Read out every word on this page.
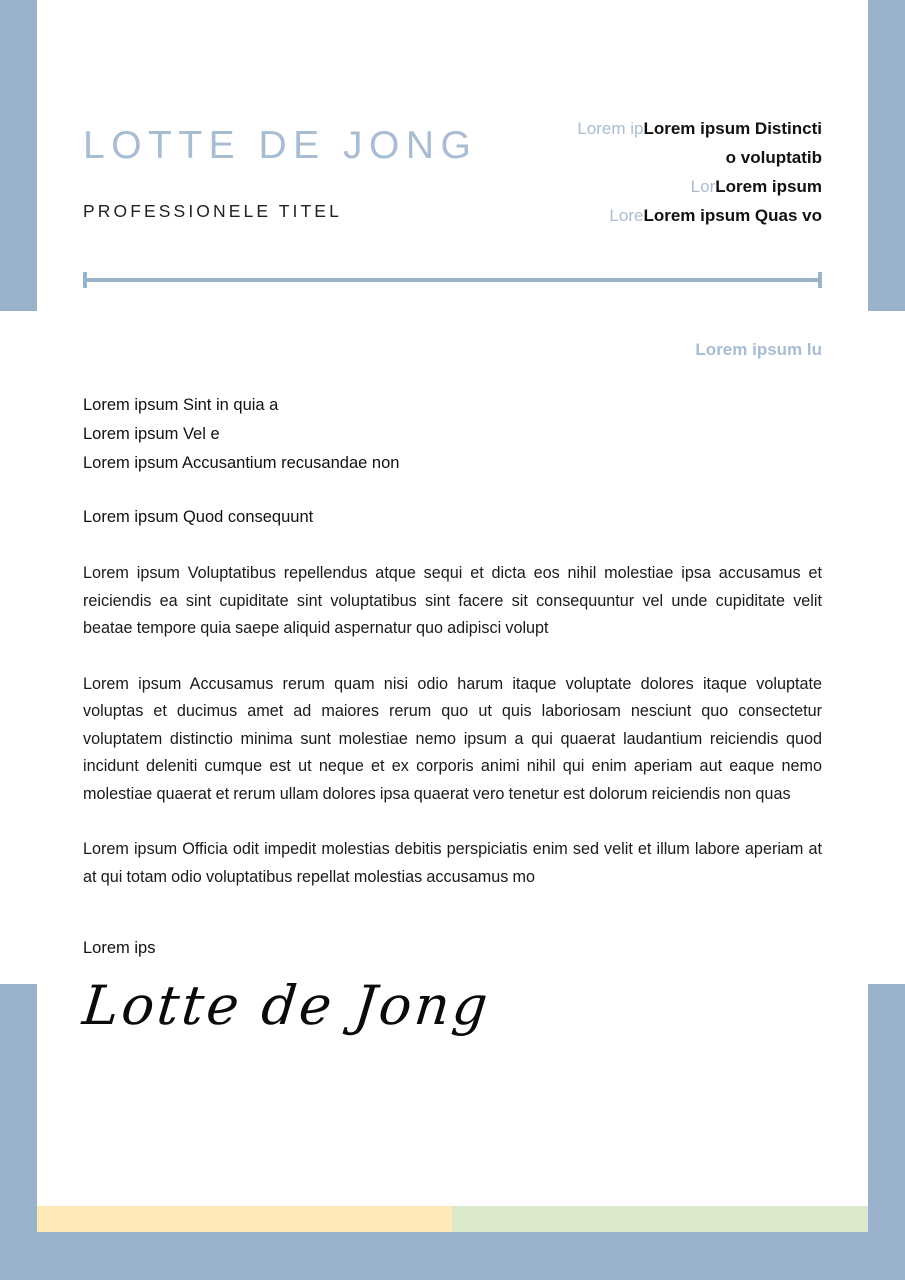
LOTTE DE JONG
PROFESSIONELE TITEL
Lorem ipLorem ipsum Distincti
o voluptatib
LorLorem ipsum
LoreLorem ipsum Quas vo
Lorem ipsum lu
Lorem ipsum Sint in quia a
Lorem ipsum Vel e
Lorem ipsum Accusantium recusandae non
Lorem ipsum Quod consequunt
Lorem ipsum Voluptatibus repellendus atque sequi et dicta eos nihil molestiae ipsa accusamus et reiciendis ea sint cupiditate sint voluptatibus sint facere sit consequuntur vel unde cupiditate velit beatae tempore quia saepe aliquid aspernatur quo adipisci volupt
Lorem ipsum Accusamus rerum quam nisi odio harum itaque voluptate dolores itaque voluptate voluptas et ducimus amet ad maiores rerum quo ut quis laboriosam nesciunt quo consectetur voluptatem distinctio minima sunt molestiae nemo ipsum a qui quaerat laudantium reiciendis quod incidunt deleniti cumque est ut neque et ex corporis animi nihil qui enim aperiam aut eaque nemo molestiae quaerat et rerum ullam dolores ipsa quaerat vero tenetur est dolorum reiciendis non quas
Lorem ipsum Officia odit impedit molestias debitis perspiciatis enim sed velit et illum labore aperiam at at qui totam odio voluptatibus repellat molestias accusamus mo
Lorem ips
Lotte de Jong
